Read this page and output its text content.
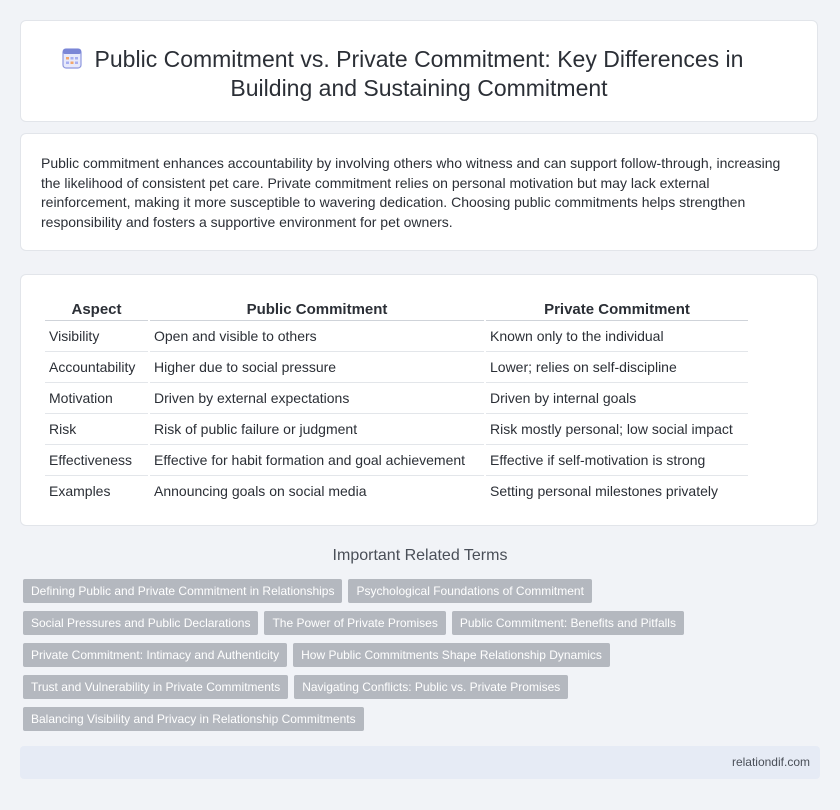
Public Commitment vs. Private Commitment: Key Differences in Building and Sustaining Commitment

Public commitment enhances accountability by involving others who witness and can support follow-through, increasing the likelihood of consistent pet care. Private commitment relies on personal motivation but may lack external reinforcement, making it more susceptible to wavering dedication. Choosing public commitments helps strengthen responsibility and fosters a supportive environment for pet owners.

Aspect	Public Commitment	Private Commitment
Visibility	Open and visible to others	Known only to the individual
Accountability	Higher due to social pressure	Lower; relies on self-discipline
Motivation	Driven by external expectations	Driven by internal goals
Risk	Risk of public failure or judgment	Risk mostly personal; low social impact
Effectiveness	Effective for habit formation and goal achievement	Effective if self-motivation is strong
Examples	Announcing goals on social media	Setting personal milestones privately
Important Related Terms
Defining Public and Private Commitment in Relationships Psychological Foundations of Commitment
Social Pressures and Public Declarations The Power of Private Promises Public Commitment: Benefits and Pitfalls
Private Commitment: Intimacy and Authenticity How Public Commitments Shape Relationship Dynamics
Trust and Vulnerability in Private Commitments Navigating Conflicts: Public vs. Private Promises
Balancing Visibility and Privacy in Relationship Commitments
relationdif.com
